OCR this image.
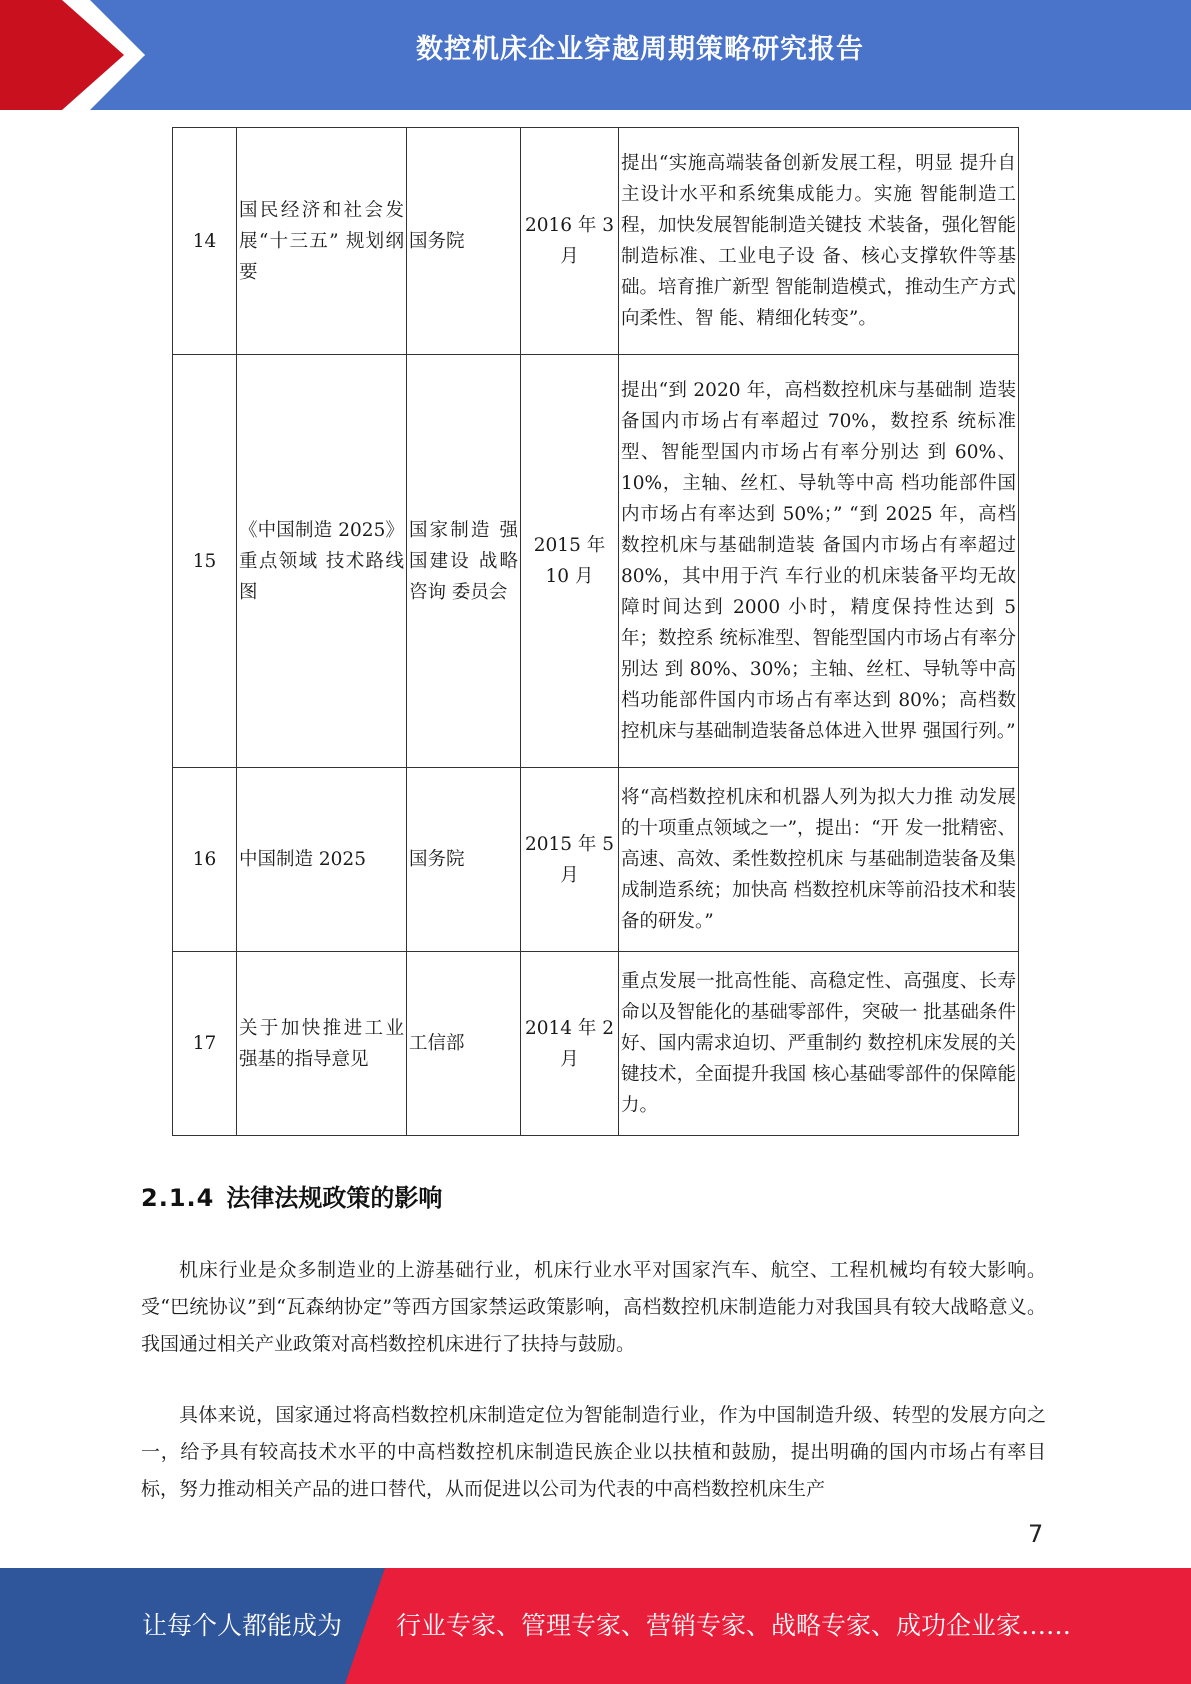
数控机床企业穿越周期策略研究报告
14	国民经济和社会发展“十三五” 规划纲要	国务院	2016 年 3 月	提出“实施高端装备创新发展工程，明显 提升自主设计水平和系统集成能力。实施 智能制造工程，加快发展智能制造关键技 术装备，强化智能制造标准、工业电子设 备、核心支撑软件等基础。培育推广新型 智能制造模式，推动生产方式向柔性、智 能、精细化转变”。
15	《中国制造 2025》重点领域 技术路线图	国家制造 强国建设 战略咨询 委员会	2015 年 10 月	提出“到 2020 年，高档数控机床与基础制 造装备国内市场占有率超过 70%，数控系 统标准型、智能型国内市场占有率分别达 到 60%、10%，主轴、丝杠、导轨等中高 档功能部件国内市场占有率达到 50%；” “到 2025 年，高档数控机床与基础制造装 备国内市场占有率超过 80%，其中用于汽 车行业的机床装备平均无故障时间达到 2000 小时，精度保持性达到 5 年；数控系 统标准型、智能型国内市场占有率分别达 到 80%、30%；主轴、丝杠、导轨等中高 档功能部件国内市场占有率达到 80%；高档数控机床与基础制造装备总体进入世界 强国行列。”
16	中国制造 2025	国务院	2015 年 5 月	将“高档数控机床和机器人列为拟大力推 动发展的十项重点领域之一”，提出：“开 发一批精密、高速、高效、柔性数控机床 与基础制造装备及集成制造系统；加快高 档数控机床等前沿技术和装备的研发。”
17	关于加快推进工业强基的指导意见	工信部	2014 年 2 月	重点发展一批高性能、高稳定性、高强度、长寿命以及智能化的基础零部件，突破一 批基础条件好、国内需求迫切、严重制约 数控机床发展的关键技术，全面提升我国 核心基础零部件的保障能力。
2.1.4 法律法规政策的影响

机床行业是众多制造业的上游基础行业，机床行业水平对国家汽车、航空、工程机械均有较大影响。受“巴统协议”到“瓦森纳协定”等西方国家禁运政策影响，高档数控机床制造能力对我国具有较大战略意义。我国通过相关产业政策对高档数控机床进行了扶持与鼓励。

具体来说，国家通过将高档数控机床制造定位为智能制造行业，作为中国制造升级、转型的发展方向之一，给予具有较高技术水平的中高档数控机床制造民族企业以扶植和鼓励，提出明确的国内市场占有率目标，努力推动相关产品的进口替代，从而促进以公司为代表的中高档数控机床生产

7
让每个人都能成为 行业专家、管理专家、营销专家、战略专家、成功企业家……
